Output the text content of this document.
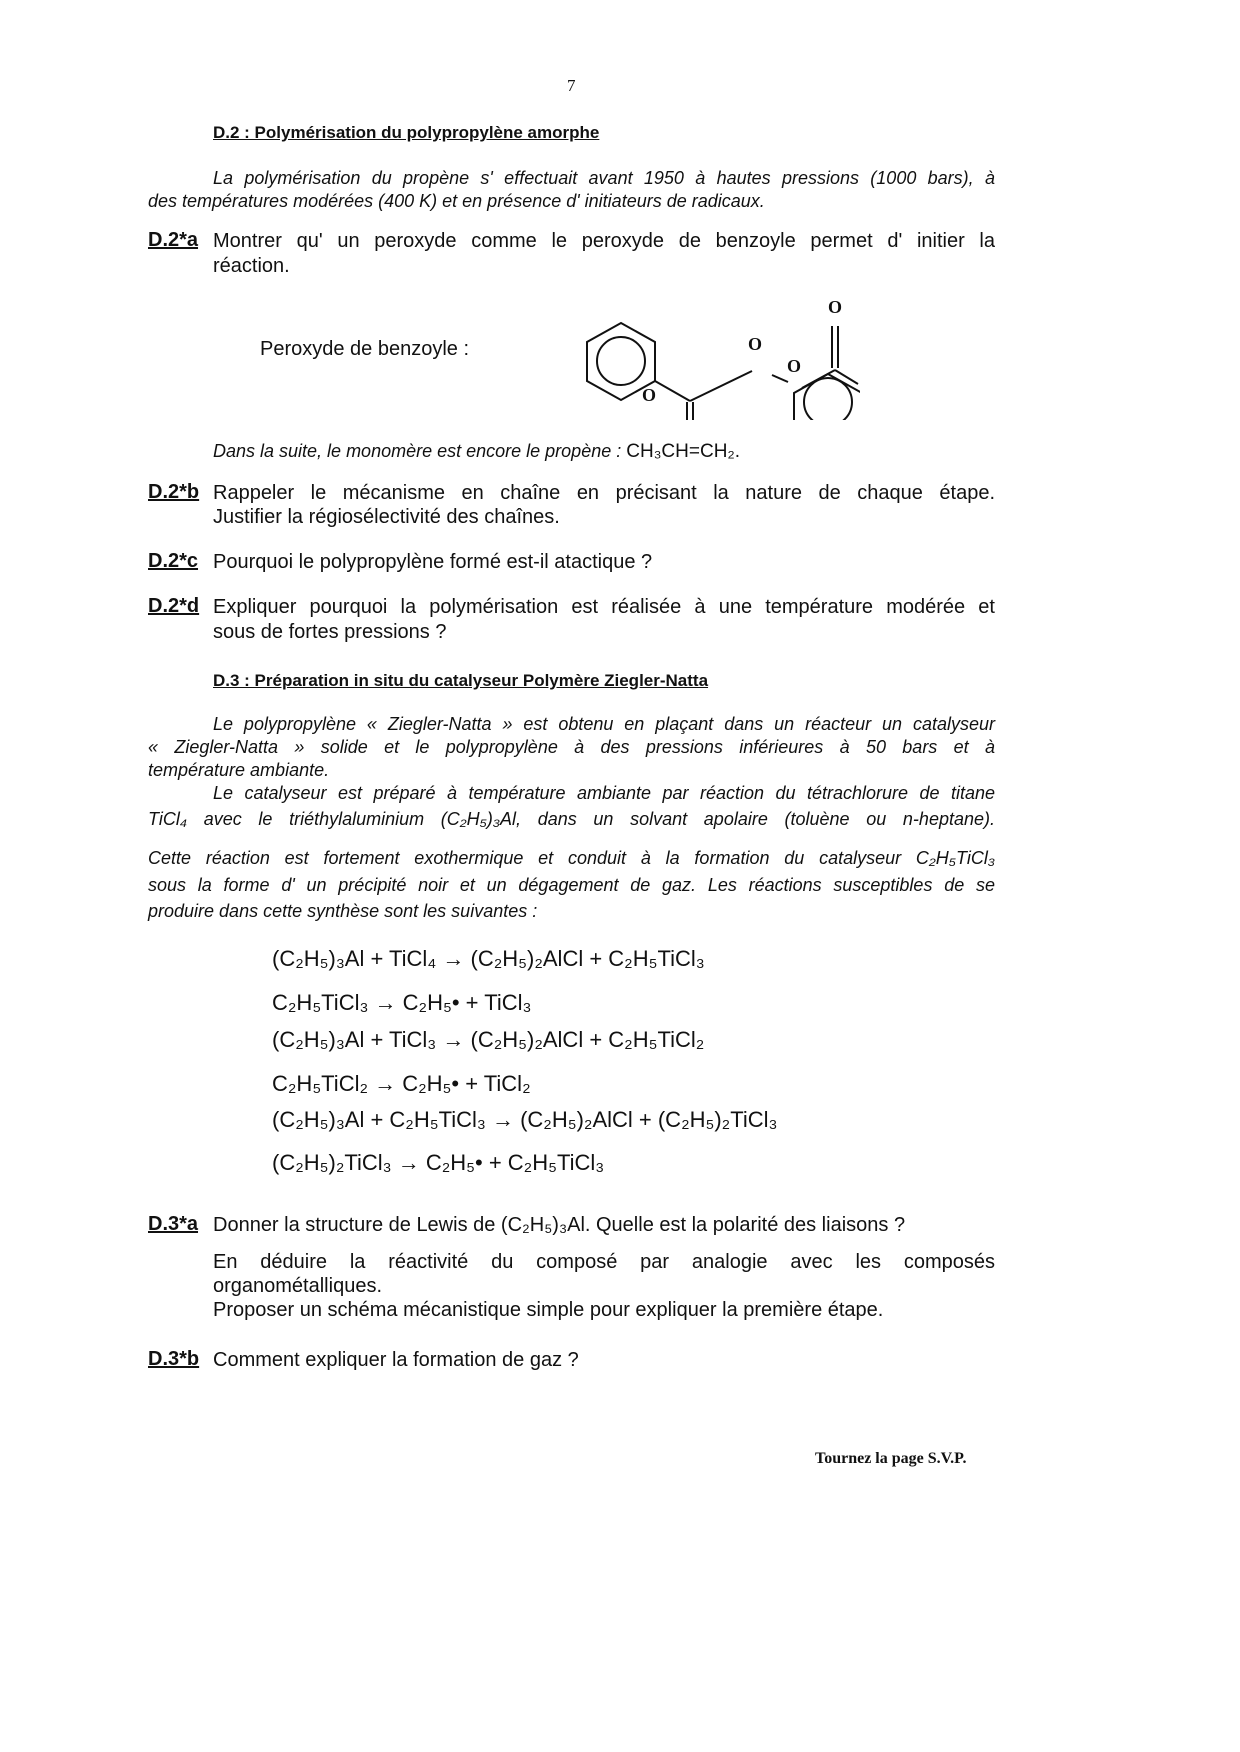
7
D.2 : Polymérisation du polypropylène amorphe
La polymérisation du propène s' effectuait avant 1950 à hautes pressions (1000 bars), à
des températures modérées (400 K) et en présence d' initiateurs de radicaux.
D.2*a Montrer qu' un peroxyde comme le peroxyde de benzoyle permet d' initier la
réaction.
Peroxyde de benzoyle :	O
O
O
O
Dans la suite, le monomère est encore le propène : CH₃CH=CH₂.
D.2*b Rappeler le mécanisme en chaîne en précisant la nature de chaque étape.
Justifier la régiosélectivité des chaînes.
D.2*c Pourquoi le polypropylène formé est-il atactique ?
D.2*d Expliquer pourquoi la polymérisation est réalisée à une température modérée et
sous de fortes pressions ?
D.3 : Préparation in situ du catalyseur Polymère Ziegler-Natta
Le polypropylène « Ziegler-Natta » est obtenu en plaçant dans un réacteur un catalyseur
« Ziegler-Natta » solide et le polypropylène à des pressions inférieures à 50 bars et à
température ambiante.
Le catalyseur est préparé à température ambiante par réaction du tétrachlorure de titane
TiCl₄ avec le triéthylaluminium (C₂H₅)₃Al, dans un solvant apolaire (toluène ou n-heptane).
Cette réaction est fortement exothermique et conduit à la formation du catalyseur C₂H₅TiCl₃
sous la forme d' un précipité noir et un dégagement de gaz. Les réactions susceptibles de se
produire dans cette synthèse sont les suivantes :
(C₂H₅)₃Al + TiCl₄ → (C₂H₅)₂AlCl + C₂H₅TiCl₃
C₂H₅TiCl₃ → C₂H₅• + TiCl₃
(C₂H₅)₃Al + TiCl₃ → (C₂H₅)₂AlCl + C₂H₅TiCl₂
C₂H₅TiCl₂ → C₂H₅• + TiCl₂
(C₂H₅)₃Al + C₂H₅TiCl₃ → (C₂H₅)₂AlCl + (C₂H₅)₂TiCl₃
(C₂H₅)₂TiCl₃ → C₂H₅• + C₂H₅TiCl₃
D.3*a Donner la structure de Lewis de (C₂H₅)₃Al. Quelle est la polarité des liaisons ?
En déduire la réactivité du composé par analogie avec les composés
organométalliques.
Proposer un schéma mécanistique simple pour expliquer la première étape.
D.3*b Comment expliquer la formation de gaz ?
Tournez la page S.V.P.
